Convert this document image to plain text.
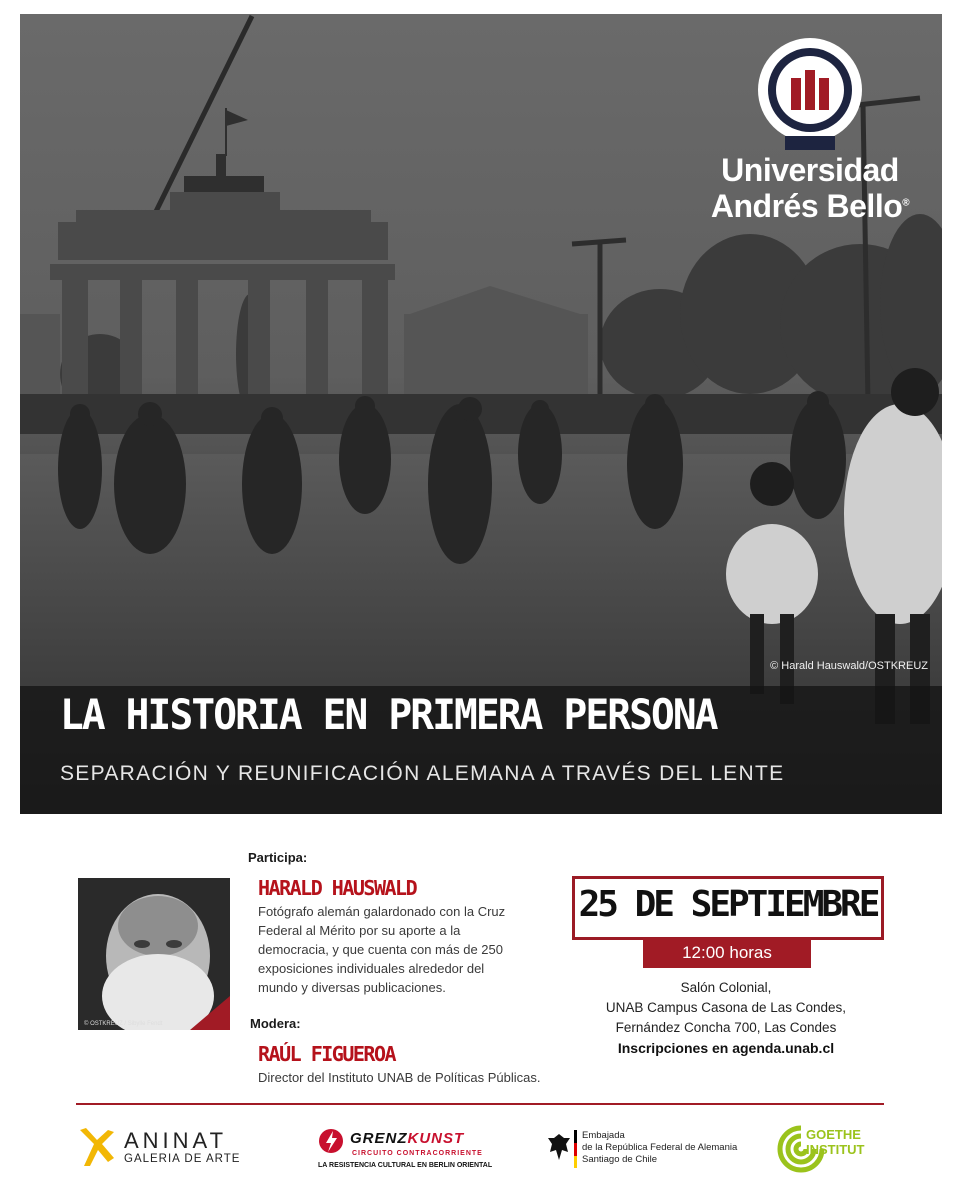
Universidad
Andrés Bello®
© Harald Hauswald/OSTKREUZ
LA HISTORIA EN PRIMERA PERSONA
SEPARACIÓN Y REUNIFICACIÓN ALEMANA A TRAVÉS DEL LENTE
Participa:
© OSTKREUZ / Sibylle Fendt
HARALD HAUSWALD
Fotógrafo alemán galardonado con la Cruz
Federal al Mérito por su aporte a la
democracia, y que cuenta con más de 250
exposiciones individuales alrededor del
mundo y diversas publicaciones.
Modera:
RAÚL FIGUEROA
Director del Instituto UNAB de Políticas Públicas.
25 DE SEPTIEMBRE
12:00 horas
Salón Colonial,
UNAB Campus Casona de Las Condes,
Fernández Concha 700, Las Condes
Inscripciones en agenda.unab.cl
ANINAT
GALERIA DE ARTE
GRENZKUNST
CIRCUITO CONTRACORRIENTE
LA RESISTENCIA CULTURAL EN BERLIN ORIENTAL
Embajada
de la República Federal de Alemania
Santiago de Chile
GOETHE
INSTITUT
